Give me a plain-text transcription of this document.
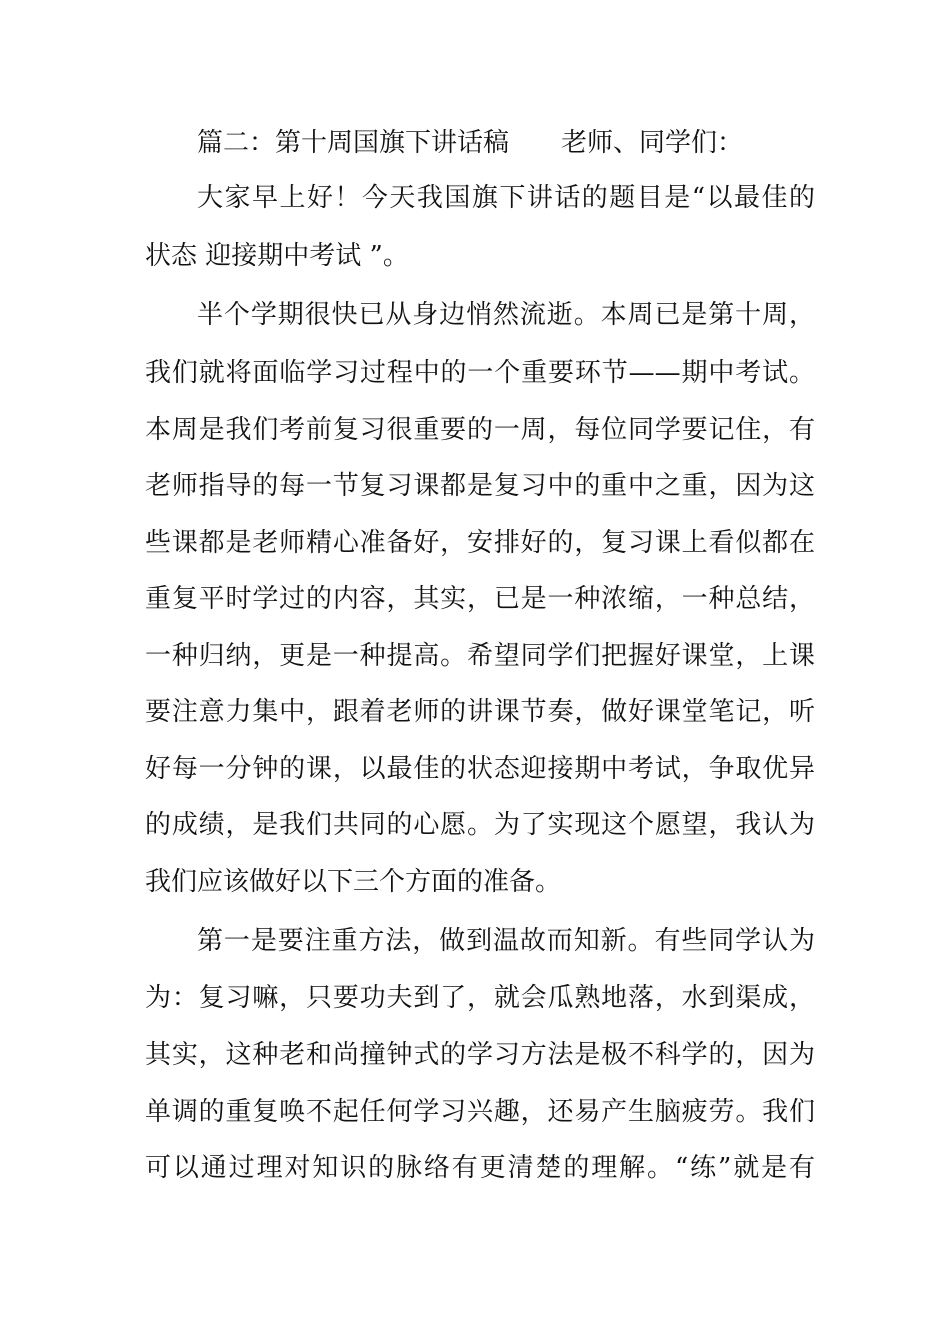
篇二：第十周国旗下讲话稿　　老师、同学们：
大家早上好！今天我国旗下讲话的题目是“以最佳的
状态 迎接期中考试 ”。
半个学期很快已从身边悄然流逝。本周已是第十周，
我们就将面临学习过程中的一个重要环节——期中考试。
本周是我们考前复习很重要的一周，每位同学要记住，有
老师指导的每一节复习课都是复习中的重中之重，因为这
些课都是老师精心准备好，安排好的，复习课上看似都在
重复平时学过的内容，其实，已是一种浓缩，一种总结，
一种归纳，更是一种提高。希望同学们把握好课堂，上课
要注意力集中，跟着老师的讲课节奏，做好课堂笔记，听
好每一分钟的课，以最佳的状态迎接期中考试，争取优异
的成绩，是我们共同的心愿。为了实现这个愿望，我认为
我们应该做好以下三个方面的准备。
第一是要注重方法，做到温故而知新。有些同学认为
为：复习嘛，只要功夫到了，就会瓜熟地落，水到渠成，
其实，这种老和尚撞钟式的学习方法是极不科学的，因为
单调的重复唤不起任何学习兴趣，还易产生脑疲劳。我们
可以通过理对知识的脉络有更清楚的理解。“练”就是有
